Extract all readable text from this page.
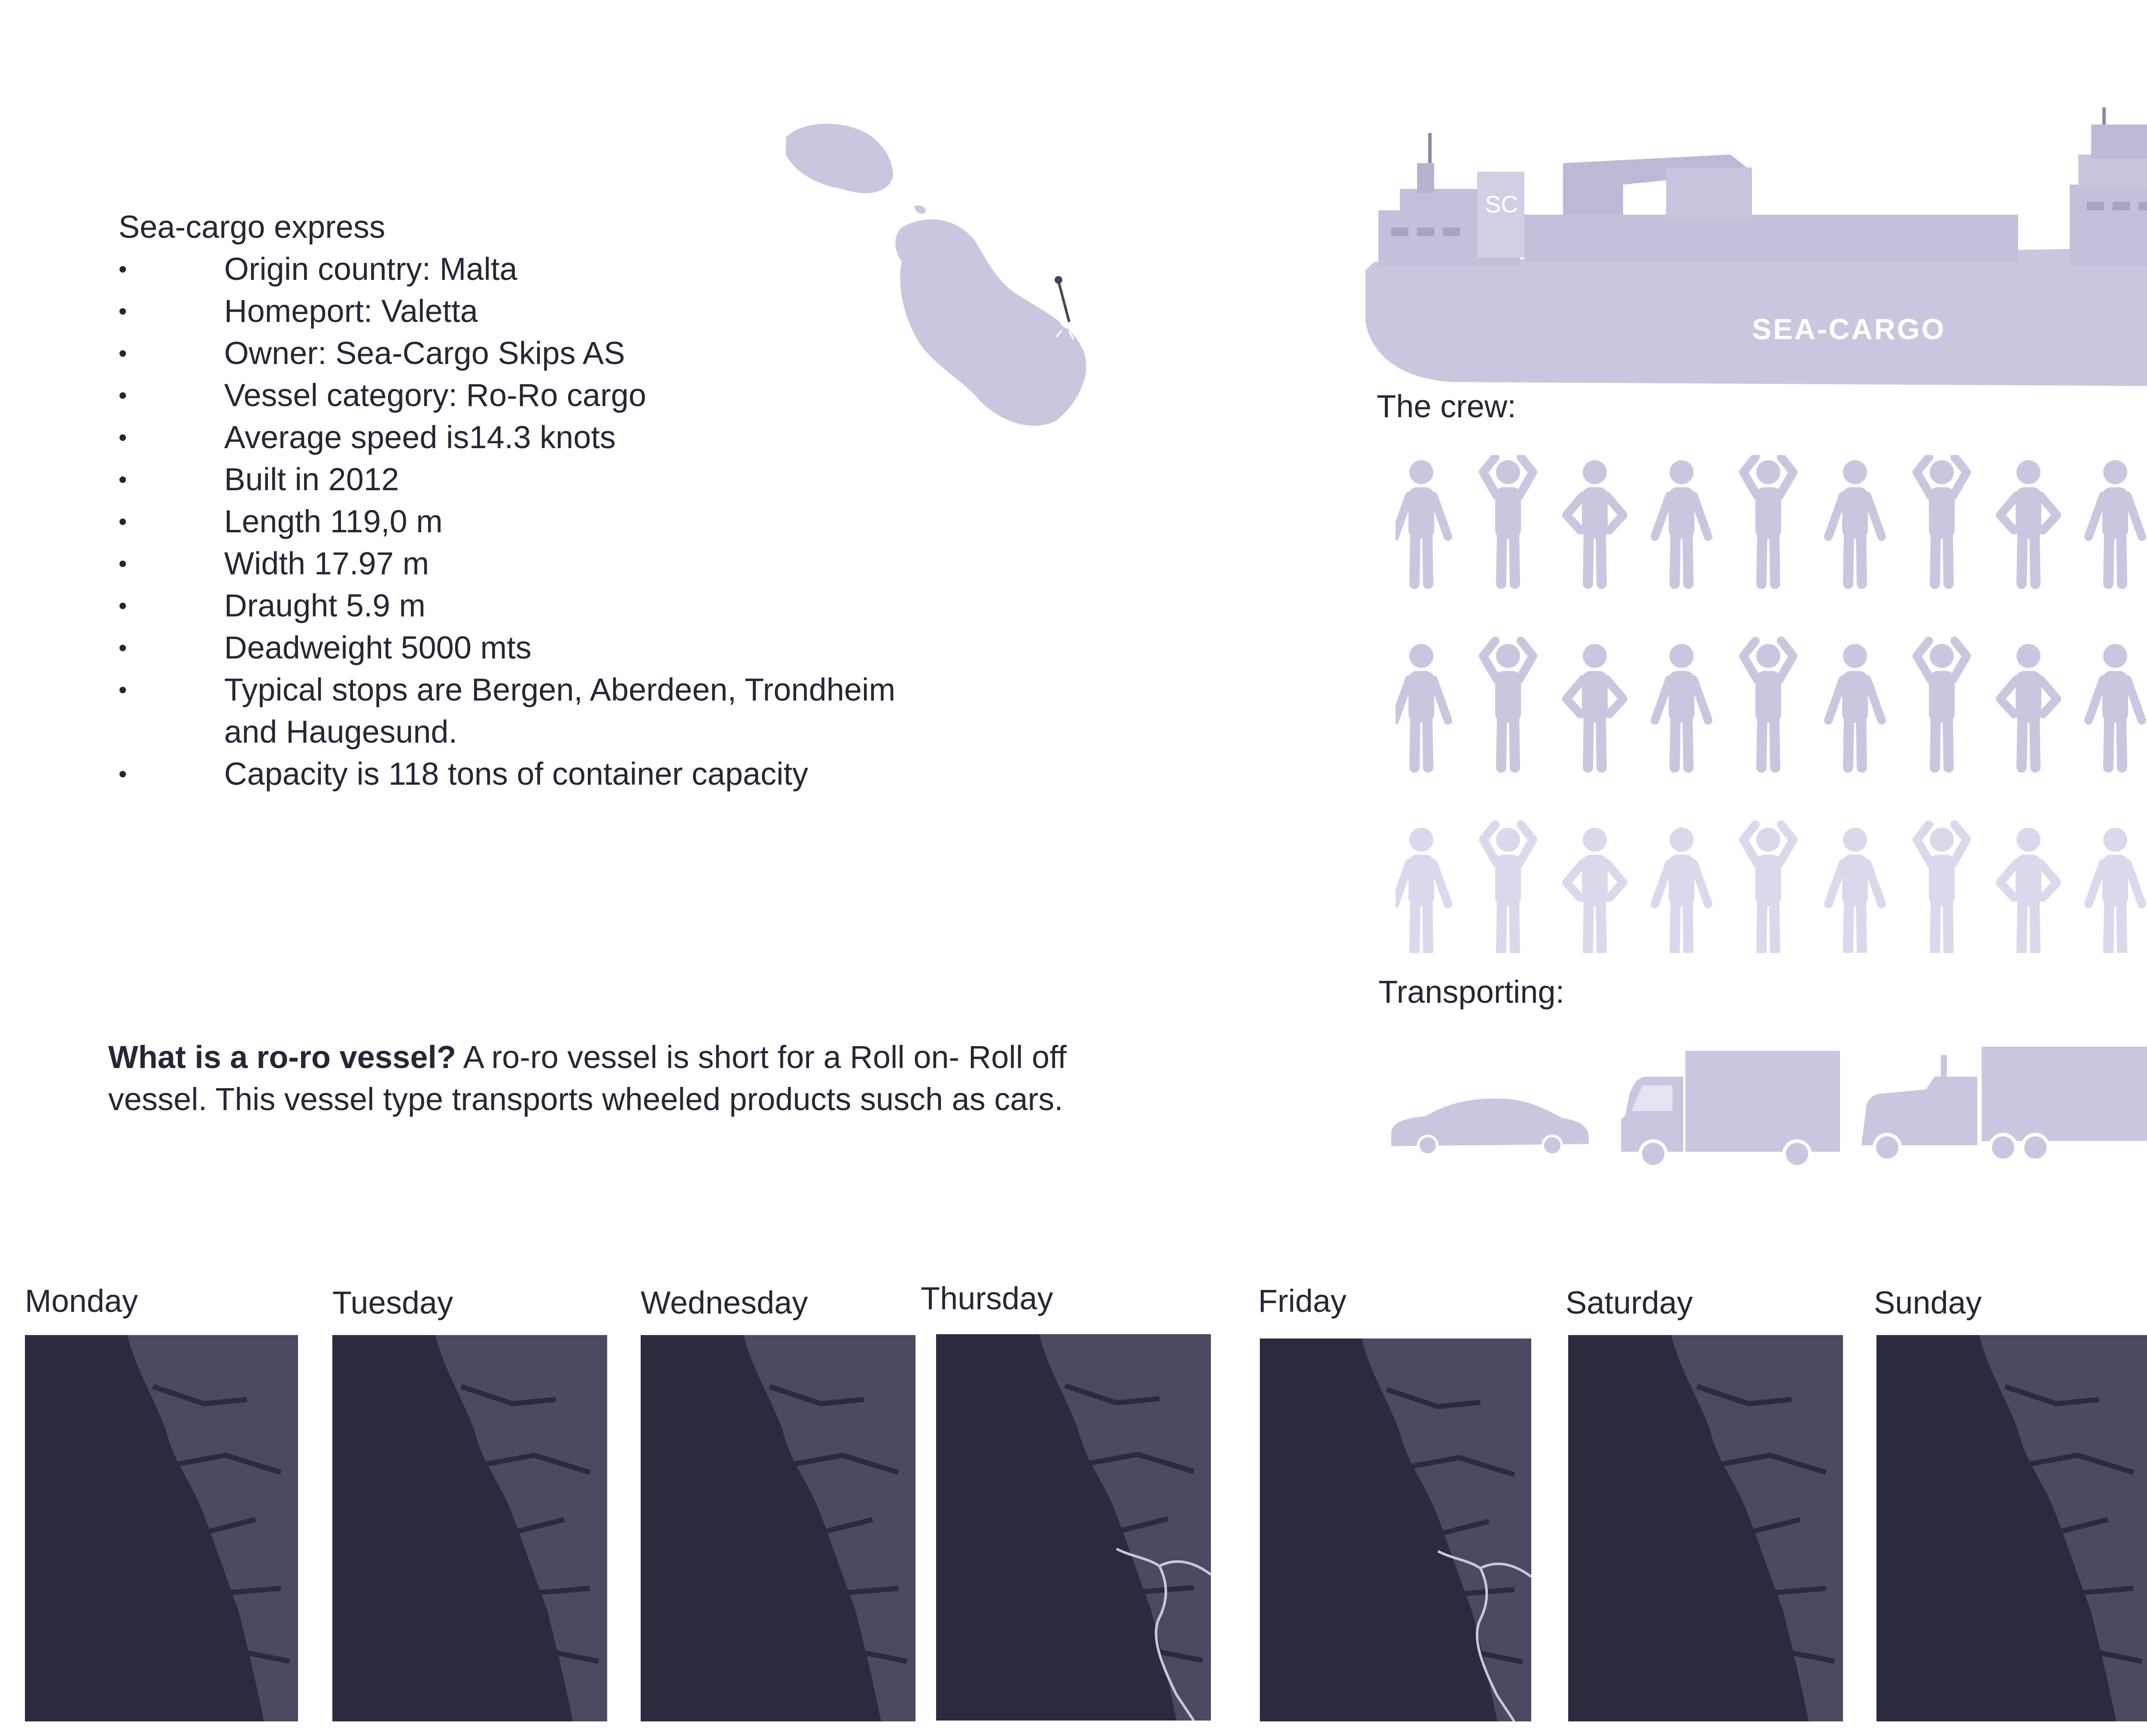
Sea-cargo express
•	Origin country: Malta
•	Homeport: Valetta
•	Owner: Sea-Cargo Skips AS
•	Vessel category: Ro-Ro cargo
•	Average speed is14.3 knots
•	Built in 2012
•	Length 119,0 m
•	Width 17.97 m
•	Draught 5.9 m
•	Deadweight 5000 mts
•	Typical stops are Bergen, Aberdeen, Trondheim
and Haugesund.
•	Capacity is 118 tons of container capacity
SC
SEA-CARGO
The crew:
Transporting:
What is a ro-ro vessel? A ro-ro vessel is short for a Roll on- Roll off vessel. This vessel type transports wheeled products susch as cars.
Monday	Tuesday	Wednesday	Thursday	Friday	Saturday	Sunday
